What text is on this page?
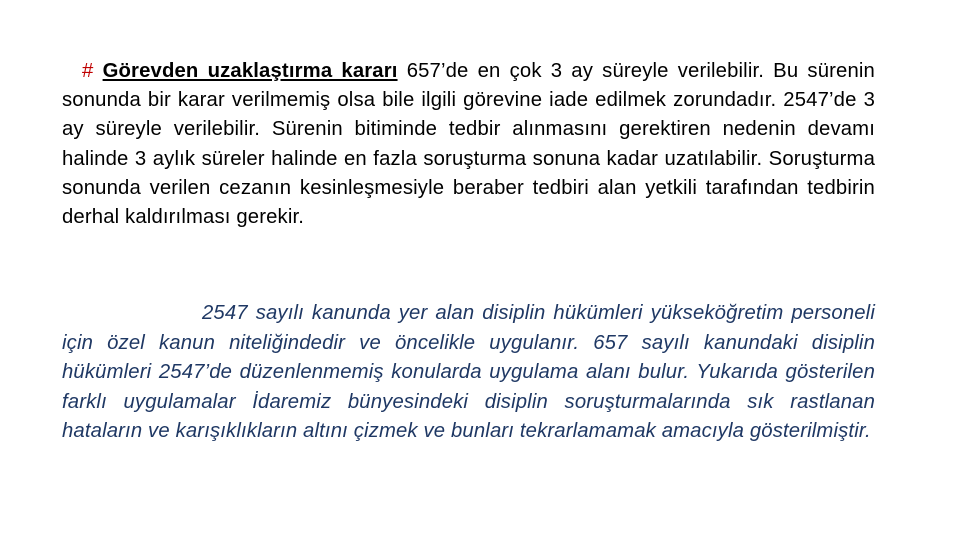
# Görevden uzaklaştırma kararı 657’de en çok 3 ay süreyle verilebilir. Bu sürenin sonunda bir karar verilmemiş olsa bile ilgili görevine iade edilmek zorundadır. 2547’de 3 ay süreyle verilebilir. Sürenin bitiminde tedbir alınmasını gerektiren nedenin devamı halinde 3 aylık süreler halinde en fazla soruşturma sonuna kadar uzatılabilir. Soruşturma sonunda verilen cezanın kesinleşmesiyle beraber tedbiri alan yetkili tarafından tedbirin derhal kaldırılması gerekir.

2547 sayılı kanunda yer alan disiplin hükümleri yükseköğretim personeli için özel kanun niteliğindedir ve öncelikle uygulanır. 657 sayılı kanundaki disiplin hükümleri 2547’de düzenlenmemiş konularda uygulama alanı bulur. Yukarıda gösterilen farklı uygulamalar İdaremiz bünyesindeki disiplin soruşturmalarında sık rastlanan hataların ve karışıklıkların altını çizmek ve bunları tekrarlamamak amacıyla gösterilmiştir.
